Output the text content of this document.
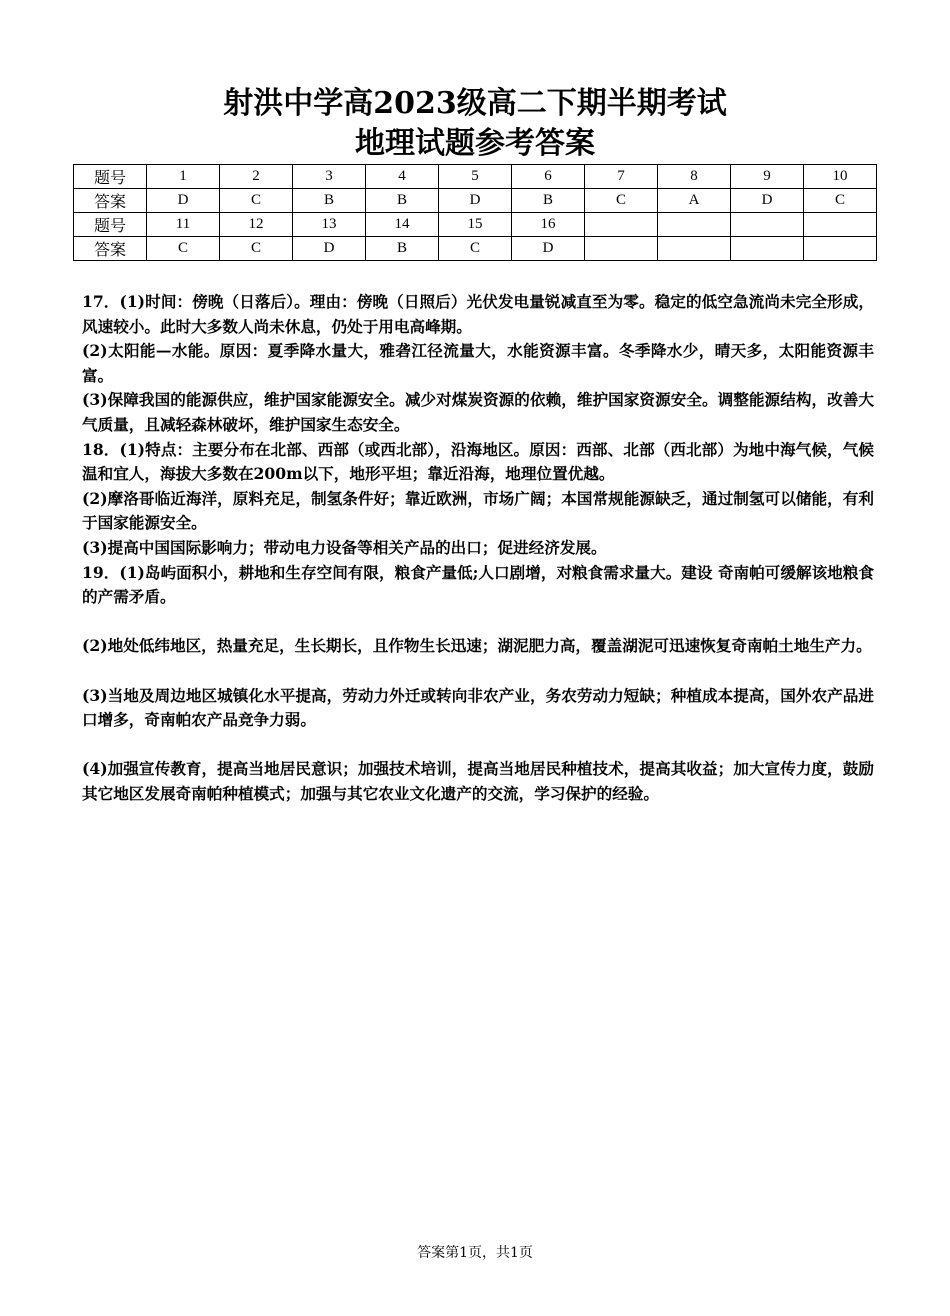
射洪中学高2023级高二下期半期考试
地理试题参考答案
题号	1	2	3	4	5	6	7	8	9	10
答案	D	C	B	B	D	B	C	A	D	C
题号	11	12	13	14	15	16				
答案	C	C	D	B	C	D				

17．(1)时间：傍晚（日落后）。理由：傍晚（日照后）光伏发电量锐减直至为零。稳定的低空急流尚未完全形成，风速较小。此时大多数人尚未休息，仍处于用电高峰期。

(2)太阳能—水能。原因：夏季降水量大，雅砻江径流量大，水能资源丰富。冬季降水少，晴天多，太阳能资源丰富。

(3)保障我国的能源供应，维护国家能源安全。减少对煤炭资源的依赖，维护国家资源安全。调整能源结构，改善大气质量，且减轻森林破坏，维护国家生态安全。

18．(1)特点：主要分布在北部、西部（或西北部），沿海地区。原因：西部、北部（西北部）为地中海气候，气候温和宜人，海拔大多数在200m以下，地形平坦；靠近沿海，地理位置优越。

(2)摩洛哥临近海洋，原料充足，制氢条件好；靠近欧洲，市场广阔；本国常规能源缺乏，通过制氢可以储能，有利于国家能源安全。

(3)提高中国国际影响力；带动电力设备等相关产品的出口；促进经济发展。

19．(1)岛屿面积小，耕地和生存空间有限，粮食产量低;人口剧增，对粮食需求量大。建设 奇南帕可缓解该地粮食的产需矛盾。

(2)地处低纬地区，热量充足，生长期长，且作物生长迅速；湖泥肥力高，覆盖湖泥可迅速恢复奇南帕土地生产力。

(3)当地及周边地区城镇化水平提高，劳动力外迁或转向非农产业，务农劳动力短缺；种植成本提高，国外农产品进口增多，奇南帕农产品竞争力弱。

(4)加强宣传教育，提高当地居民意识；加强技术培训，提高当地居民种植技术，提高其收益；加大宣传力度，鼓励其它地区发展奇南帕种植模式；加强与其它农业文化遗产的交流，学习保护的经验。

答案第1页，共1页
